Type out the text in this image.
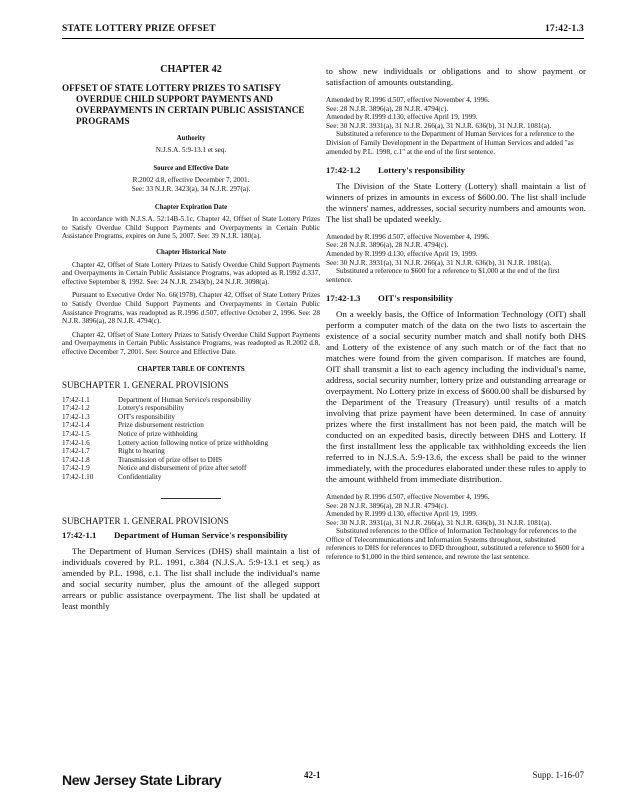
STATE LOTTERY PRIZE OFFSET	17:42-1.3
CHAPTER 42
OFFSET OF STATE LOTTERY PRIZES TO SATISFY OVERDUE CHILD SUPPORT PAYMENTS AND OVERPAYMENTS IN CERTAIN PUBLIC ASSISTANCE PROGRAMS
Authority
N.J.S.A. 5:9-13.1 et seq.
Source and Effective Date
R.2002 d.8, effective December 7, 2001.
See: 33 N.J.R. 3423(a), 34 N.J.R. 297(a).
Chapter Expiration Date

In accordance with N.J.S.A. 52:14B-5.1c, Chapter 42, Offset of State Lottery Prizes to Satisfy Overdue Child Support Payments and Overpayments in Certain Public Assistance Programs, expires on June 5, 2007. See: 39 N.J.R. 180(a).

Chapter Historical Note

Chapter 42, Offset of State Lottery Prizes to Satisfy Overdue Child Support Payments and Overpayments in Certain Public Assistance Programs, was adopted as R.1992 d.337, effective September 8, 1992. See: 24 N.J.R. 2343(b), 24 N.J.R. 3098(a).

Pursuant to Executive Order No. 66(1978), Chapter 42, Offset of State Lottery Prizes to Satisfy Overdue Child Support Payments and Overpayments in Certain Public Assistance Programs, was readopted as R.1996 d.507, effective October 2, 1996. See: 28 N.J.R. 3896(a), 28 N.J.R. 4794(c).

Chapter 42, Offset of State Lottery Prizes to Satisfy Overdue Child Support Payments and Overpayments in Certain Public Assistance Programs, was readopted as R.2002 d.8, effective December 7, 2001. See: Source and Effective Date.

CHAPTER TABLE OF CONTENTS
SUBCHAPTER 1. GENERAL PROVISIONS
17:42-1.1	Department of Human Service's responsibility
17:42-1.2	Lottery's responsibility
17:42-1.3	OIT's responsibility
17:42-1.4	Prize disbursement restriction
17:42-1.5	Notice of prize withholding
17:42-1.6	Lottery action following notice of prize withholding
17:42-1.7	Right to hearing
17:42-1.8	Transmission of prize offset to DHS
17:42-1.9	Notice and disbursement of prize after setoff
17:42-1.10	Confidentiality
SUBCHAPTER 1. GENERAL PROVISIONS
17:42-1.1 Department of Human Service's responsibility
The Department of Human Services (DHS) shall maintain a list of individuals covered by P.L. 1991, c.384 (N.J.S.A. 5:9-13.1 et seq.) as amended by P.L. 1998, c.1. The list shall include the individual's name and social security number, plus the amount of the alleged support arrears or public assistance overpayment. The list shall be updated at least monthly
to show new individuals or obligations and to show payment or satisfaction of amounts outstanding.
Amended by R.1996 d.507, effective November 4, 1996.
See: 28 N.J.R. 3896(a), 28 N.J.R. 4794(c).
Amended by R.1999 d.130, effective April 19, 1999.
See: 30 N.J.R. 3931(a), 31 N.J.R. 266(a), 31 N.J.R. 636(b), 31 N.J.R. 1081(a).
Substituted a reference to the Department of Human Services for a reference to the Division of Family Development in the Department of Human Services and added "as amended by P.L. 1998, c.1" at the end of the first sentence.
17:42-1.2 Lottery's responsibility
The Division of the State Lottery (Lottery) shall maintain a list of winners of prizes in amounts in excess of $600.00. The list shall include the winners' names, addresses, social security numbers and amounts won. The list shall be updated weekly.
Amended by R.1996 d.507, effective November 4, 1996.
See: 28 N.J.R. 3896(a), 28 N.J.R. 4794(c).
Amended by R.1999 d.130, effective April 19, 1999.
See: 30 N.J.R. 3931(a), 31 N.J.R. 266(a), 31 N.J.R. 636(b), 31 N.J.R. 1081(a).
Substituted a reference to $600 for a reference to $1,000 at the end of the first sentence.
17:42-1.3 OIT's responsibility
On a weekly basis, the Office of Information Technology (OIT) shall perform a computer match of the data on the two lists to ascertain the existence of a social security number match and shall notify both DHS and Lottery of the existence of any such match or of the fact that no matches were found from the given comparison. If matches are found, OIT shall transmit a list to each agency including the individual's name, address, social security number, lottery prize and outstanding arrearage or overpayment. No Lottery prize in excess of $600.00 shall be disbursed by the Department of the Treasury (Treasury) until results of a match involving that prize payment have been determined. In case of annuity prizes where the first installment has not been paid, the match will be conducted on an expedited basis, directly between DHS and Lottery. If the first installment less the applicable tax withholding exceeds the lien referred to in N.J.S.A. 5:9-13.6, the excess shall be paid to the winner immediately, with the procedures elaborated under these rules to apply to the amount withheld from immediate distribution.
Amended by R.1996 d.507, effective November 4, 1996.
See: 28 N.J.R. 3896(a), 28 N.J.R. 4794(c).
Amended by R.1999 d.130, effective April 19, 1999.
See: 30 N.J.R. 3931(a), 31 N.J.R. 266(a), 31 N.J.R. 636(b), 31 N.J.R. 1081(a).
Substituted references to the Office of Information Technology for references to the Office of Telecommunications and Information Systems throughout, substituted references to DHS for references to DFD throughout, substituted a reference to $600 for a reference to $1,000 in the third sentence, and rewrote the last sentence.
New Jersey State Library	42-1	Supp. 1-16-07
